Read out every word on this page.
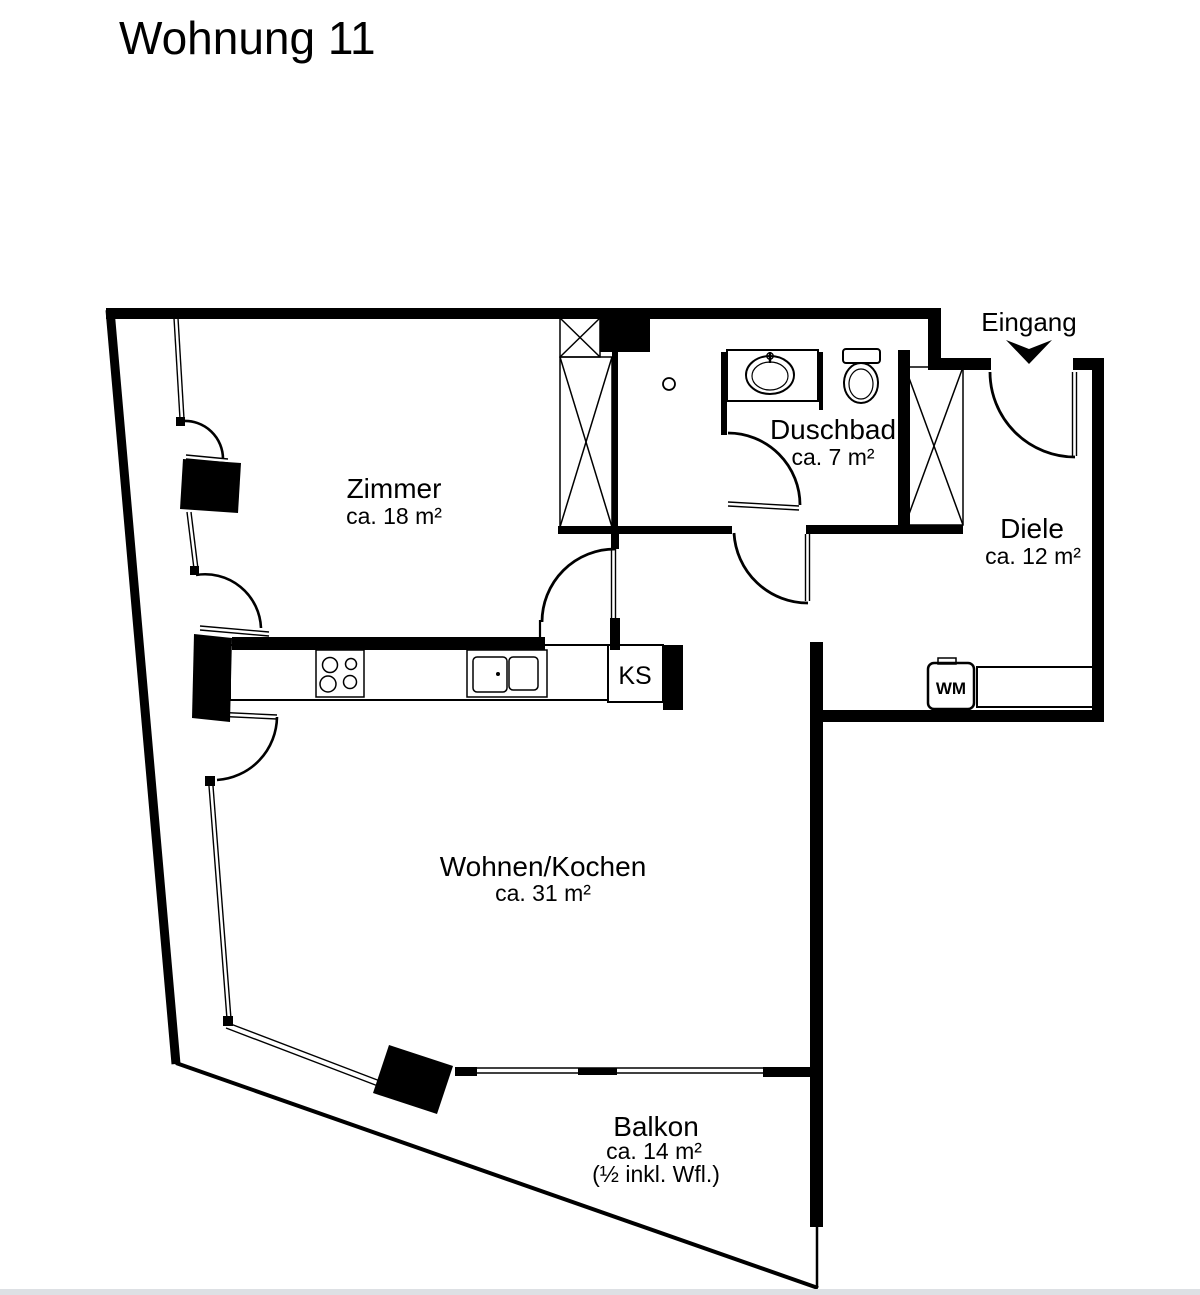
Wohnung 11
KS	WM
Eingang
Zimmer
ca. 18 m²
Duschbad
ca. 7 m²
Diele
ca. 12 m²
Wohnen/Kochen
ca. 31 m²
Balkon
ca. 14 m²
(½ inkl. Wfl.)
McGrundriss
